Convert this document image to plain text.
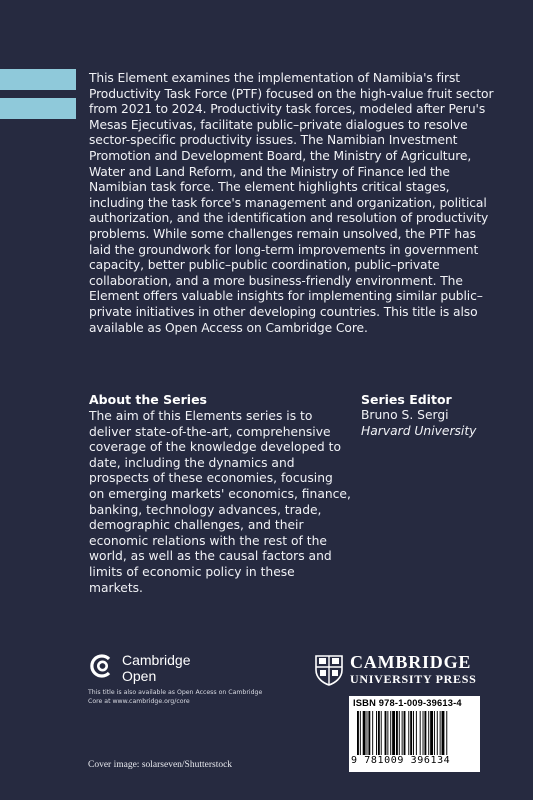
This Element examines the implementation of Namibia's first Productivity Task Force (PTF) focused on the high-value fruit sector from 2021 to 2024. Productivity task forces, modeled after Peru's Mesas Ejecutivas, facilitate public–private dialogues to resolve sector-specific productivity issues. The Namibian Investment Promotion and Development Board, the Ministry of Agriculture, Water and Land Reform, and the Ministry of Finance led the Namibian task force. The element highlights critical stages, including the task force's management and organization, political authorization, and the identification and resolution of productivity problems. While some challenges remain unsolved, the PTF has laid the groundwork for long-term improvements in government capacity, better public–public coordination, public–private collaboration, and a more business-friendly environment. The Element offers valuable insights for implementing similar public–private initiatives in other developing countries. This title is also available as Open Access on Cambridge Core.

About the Series

The aim of this Elements series is to deliver state-of-the-art, comprehensive coverage of the knowledge developed to date, including the dynamics and prospects of these economies, focusing on emerging markets' economics, finance, banking, technology advances, trade, demographic challenges, and their economic relations with the rest of the world, as well as the causal factors and limits of economic policy in these markets.

Series Editor
Bruno S. Sergi
Harvard University
Cambridge
Open
This title is also available as Open Access on Cambridge Core at www.cambridge.org/core
CAMBRIDGE
UNIVERSITY PRESS
ISBN 978-1-009-39613-4
9 781009 396134
Cover image: solarseven/Shutterstock
